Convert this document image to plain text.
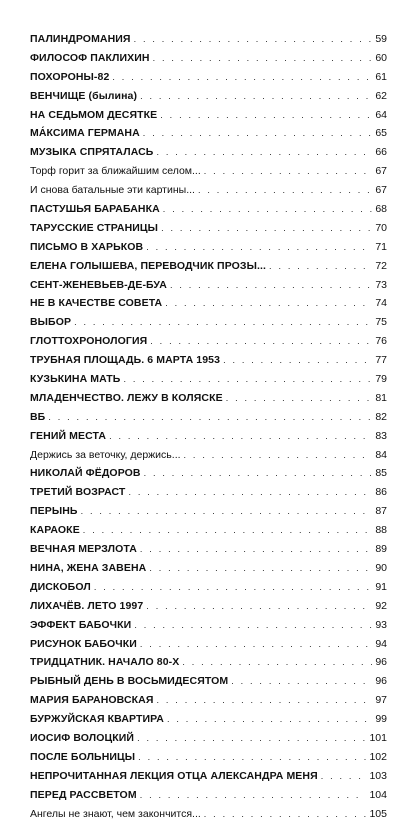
ПАЛИНДРОМАНИЯ . . .	59
ФИЛОСОФ ПАКЛИХИН . . .	60
ПОХОРОНЫ-82 . . .	61
ВЕНЧИЩЕ (былина) . . .	62
НА СЕДЬМОМ ДЕСЯТКЕ . . .	64
МА́КСИМА ГЕРМАНА . . .	65
МУЗЫКА СПРЯТАЛАСЬ . . .	66
Торф горит за ближайшим селом... . . .	67
И снова батальные эти картины... . . .	67
ПАСТУШЬЯ БАРАБАНКА . . .	68
ТАРУССКИЕ СТРАНИЦЫ . . .	70
ПИСЬМО В ХАРЬКОВ . . .	71
ЕЛЕНА ГОЛЫШЕВА, ПЕРЕВОДЧИК ПРОЗЫ... . . .	72
СЕНТ-ЖЕНЕВЬЕВ-ДЕ-БУА . . .	73
НЕ В КАЧЕСТВЕ СОВЕТА . . .	74
ВЫБОР . . .	75
ГЛОТТОХРОНОЛОГИЯ . . .	76
ТРУБНАЯ ПЛОЩАДЬ. 6 МАРТА 1953 . . .	77
КУЗЬКИНА МАТЬ . . .	79
МЛАДЕНЧЕСТВО. ЛЕЖУ В КОЛЯСКЕ . . .	81
ВБ . . .	82
ГЕНИЙ МЕСТА . . .	83
Держись за веточку, держись... . . .	84
НИКОЛАЙ ФЁДОРОВ . . .	85
ТРЕТИЙ ВОЗРАСТ . . .	86
ПЕРЫНЬ . . .	87
КАРАОКЕ . . .	88
ВЕЧНАЯ МЕРЗЛОТА . . .	89
НИНА, ЖЕНА ЗАВЕНА . . .	90
ДИСКОБОЛ . . .	91
ЛИХАЧЁВ. ЛЕТО 1997 . . .	92
ЭФФЕКТ БАБОЧКИ . . .	93
РИСУНОК БАБОЧКИ . . .	94
ТРИДЦАТНИК. НАЧАЛО 80-Х . . .	96
РЫБНЫЙ ДЕНЬ В ВОСЬМИДЕСЯТОМ . . .	96
МАРИЯ БАРАНОВСКАЯ . . .	97
БУРЖУЙСКАЯ КВАРТИРА . . .	99
ИОСИФ ВОЛОЦКИЙ . . .	101
ПОСЛЕ БОЛЬНИЦЫ . . .	102
НЕПРОЧИТАННАЯ ЛЕКЦИЯ ОТЦА АЛЕКСАНДРА МЕНЯ . . .	103
ПЕРЕД РАССВЕТОМ . . .	104
Ангелы не знают, чем закончится... . . .	105
